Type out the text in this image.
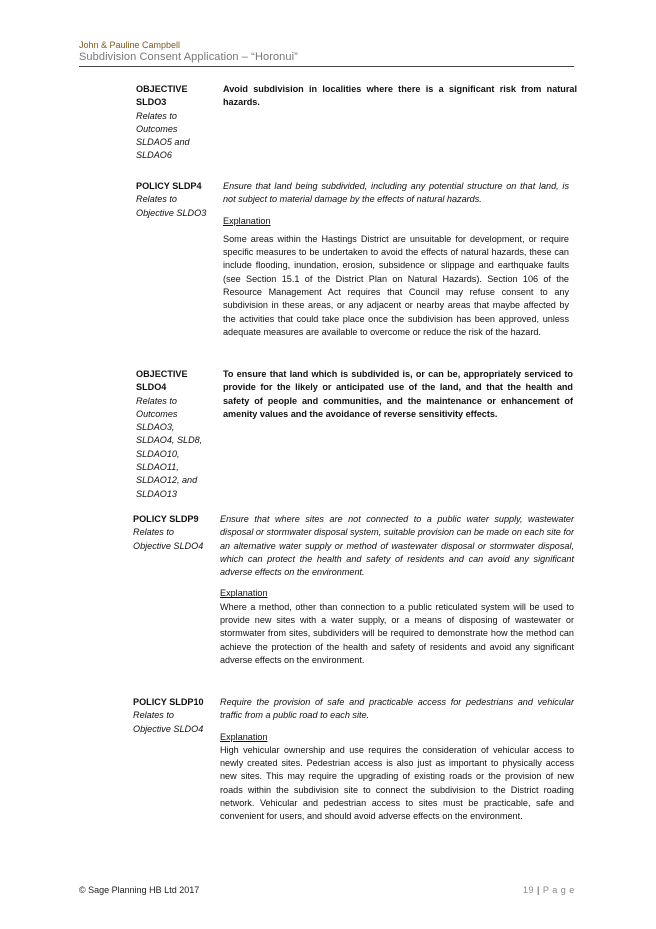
John & Pauline Campbell
Subdivision Consent Application – “Horonui”
OBJECTIVE
SLDO3
Relates to
Outcomes
SLDAO5 and
SLDAO6
Avoid subdivision in localities where there is a significant risk from natural hazards.
POLICY SLDP4
Relates to
Objective SLDO3
Ensure that land being subdivided, including any potential structure on that land, is not subject to material damage by the effects of natural hazards.
Explanation
Some areas within the Hastings District are unsuitable for development, or require specific measures to be undertaken to avoid the effects of natural hazards, these can include flooding, inundation, erosion, subsidence or slippage and earthquake faults (see Section 15.1 of the District Plan on Natural Hazards). Section 106 of the Resource Management Act requires that Council may refuse consent to any subdivision in these areas, or any adjacent or nearby areas that maybe affected by the activities that could take place once the subdivision has been approved, unless adequate measures are available to overcome or reduce the risk of the hazard.
OBJECTIVE
SLDO4
Relates to
Outcomes
SLDAO3,
SLDAO4, SLD8,
SLDAO10,
SLDAO11,
SLDAO12, and
SLDAO13
To ensure that land which is subdivided is, or can be, appropriately serviced to provide for the likely or anticipated use of the land, and that the health and safety of people and communities, and the maintenance or enhancement of amenity values and the avoidance of reverse sensitivity effects.
POLICY SLDP9
Relates to
Objective SLDO4
Ensure that where sites are not connected to a public water supply, wastewater disposal or stormwater disposal system, suitable provision can be made on each site for an alternative water supply or method of wastewater disposal or stormwater disposal, which can protect the health and safety of residents and can avoid any significant adverse effects on the environment.
Explanation
Where a method, other than connection to a public reticulated system will be used to provide new sites with a water supply, or a means of disposing of wastewater or stormwater from sites, subdividers will be required to demonstrate how the method can achieve the protection of the health and safety of residents and avoid any significant adverse effects on the environment.
POLICY SLDP10
Relates to
Objective SLDO4
Require the provision of safe and practicable access for pedestrians and vehicular traffic from a public road to each site.
Explanation
High vehicular ownership and use requires the consideration of vehicular access to newly created sites. Pedestrian access is also just as important to physically access new sites. This may require the upgrading of existing roads or the provision of new roads within the subdivision site to connect the subdivision to the District roading network. Vehicular and pedestrian access to sites must be practicable, safe and convenient for users, and should avoid adverse effects on the environment.
© Sage Planning HB Ltd 2017	19 | P a g e
